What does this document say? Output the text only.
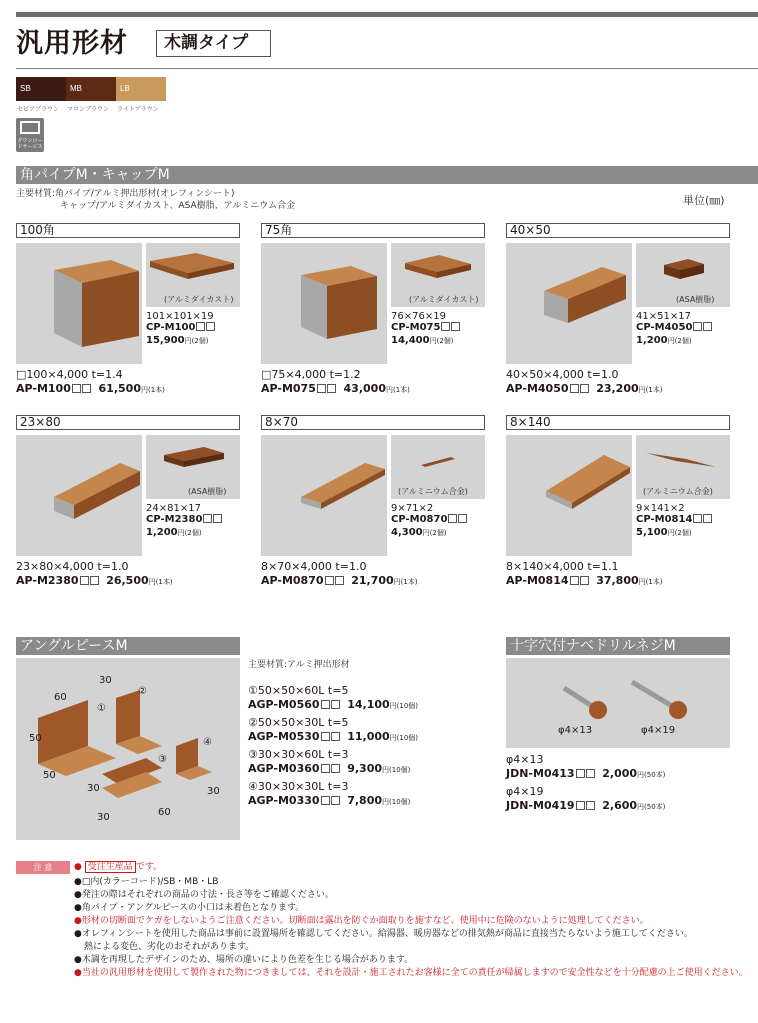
汎用形材	木調タイプ
SB	MB	LB
セピアブラウン マロンブラウン ライトブラウン
ダウンロードサービス
角パイプM・キャップM
主要材質:角パイプ/アルミ押出形材(オレフィンシート)
キャップ/アルミダイカスト、ASA樹脂、アルミニウム合金	単位(㎜)
100角
(アルミダイカスト)
101×101×19
CP-M100
15,900円(2個)
□100×4,000 t=1.4
AP-M100	61,500円(1本)
75角
(アルミダイカスト)
76×76×19
CP-M075
14,400円(2個)
□75×4,000 t=1.2
AP-M075	43,000円(1本)
40×50
(ASA樹脂)
41×51×17
CP-M4050
1,200円(2個)
40×50×4,000 t=1.0
AP-M4050	23,200円(1本)
23×80
(ASA樹脂)
24×81×17
CP-M2380
1,200円(2個)
23×80×4,000 t=1.0
AP-M2380	26,500円(1本)
8×70
(アルミニウム合金)
9×71×2
CP-M0870
4,300円(2個)
8×70×4,000 t=1.0
AP-M0870	21,700円(1本)
8×140
(アルミニウム合金)
9×141×2
CP-M0814
5,100円(2個)
8×140×4,000 t=1.1
AP-M0814	37,800円(1本)
アングルピースM
30
60
50
50
30	30
30	60
①
②
③
④
主要材質:アルミ押出形材
①50×50×60L t=5
AGP-M0560	14,100円(10個)
②50×50×30L t=5
AGP-M0530	11,000円(10個)
③30×30×60L t=3
AGP-M0360	9,300円(10個)
④30×30×30L t=3
AGP-M0330	7,800円(10個)
十字穴付ナベドリルネジM
φ4×13	φ4×19
φ4×13
JDN-M0413	2,000円(50本)
φ4×19
JDN-M0419	2,600円(50本)
注 意	● 受注生産品 です。
●□内(カラーコード)/SB・MB・LB
●発注の際はそれぞれの商品の寸法・長さ等をご確認ください。
●角パイプ・アングルピースの小口は未着色となります。
●形材の切断面でケガをしないようご注意ください。切断面は露出を防ぐか面取りを施すなど、使用中に危険のないように処理してください。
●オレフィンシートを使用した商品は事前に設置場所を確認してください。給湯器、暖房器などの排気熱が商品に直接当たらないよう施工してください。
熱による変色、劣化のおそれがあります。
●木調を再現したデザインのため、場所の違いにより色差を生じる場合があります。
●当社の汎用形材を使用して製作された物につきましては、それを設計・施工されたお客様に全ての責任が帰属しますので安全性などを十分配慮の上ご使用ください。
